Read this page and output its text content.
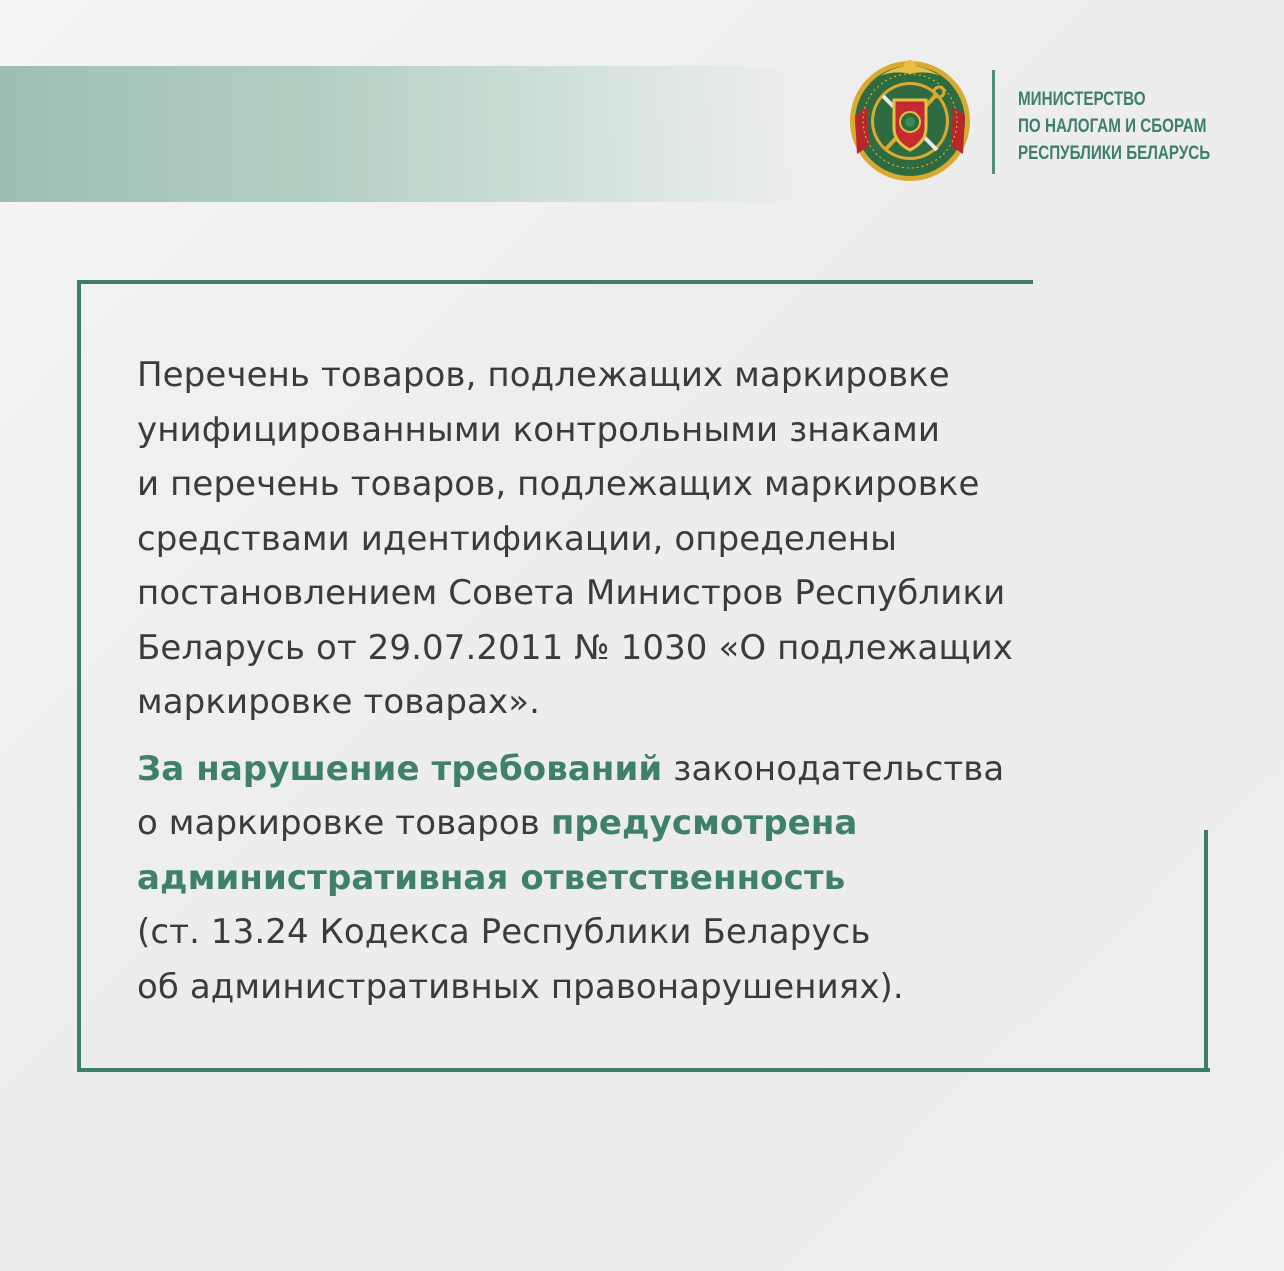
МИНИСТЕРСТВО
ПО НАЛОГАМ И СБОРАМ
РЕСПУБЛИКИ БЕЛАРУСЬ
Перечень товаров, подлежащих маркировке
унифицированными контрольными знаками
и перечень товаров, подлежащих маркировке
средствами идентификации, определены
постановлением Совета Министров Республики
Беларусь от 29.07.2011 № 1030 «О подлежащих
маркировке товарах».
За нарушение требований законодательства
о маркировке товаров предусмотрена
административная ответственность
(ст. 13.24 Кодекса Республики Беларусь
об административных правонарушениях).
